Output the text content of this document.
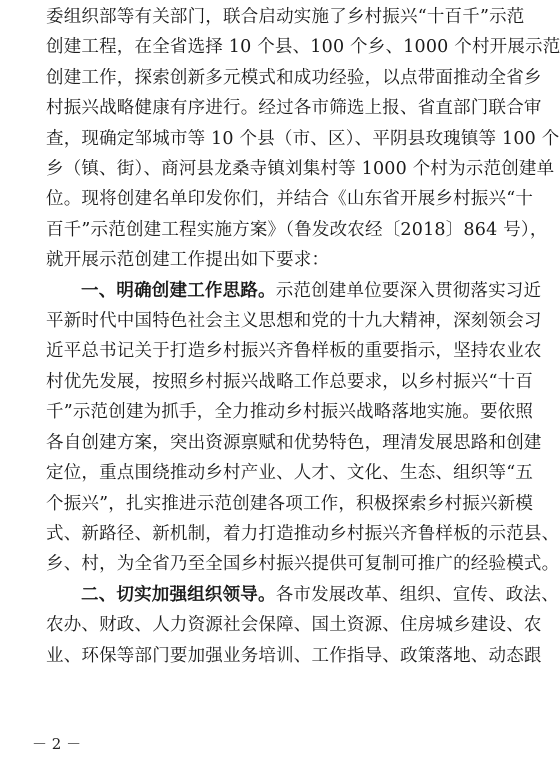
委组织部等有关部门，联合启动实施了乡村振兴“十百千”示范
创建工程，在全省选择 10 个县、100 个乡、1000 个村开展示范
创建工作，探索创新多元模式和成功经验，以点带面推动全省乡
村振兴战略健康有序进行。经过各市筛选上报、省直部门联合审
查，现确定邹城市等 10 个县（市、区）、平阴县玫瑰镇等 100 个
乡（镇、街）、商河县龙桑寺镇刘集村等 1000 个村为示范创建单
位。现将创建名单印发你们，并结合《山东省开展乡村振兴“十
百千”示范创建工程实施方案》（鲁发改农经〔2018〕864 号），
就开展示范创建工作提出如下要求：
一、明确创建工作思路。示范创建单位要深入贯彻落实习近
平新时代中国特色社会主义思想和党的十九大精神，深刻领会习
近平总书记关于打造乡村振兴齐鲁样板的重要指示，坚持农业农
村优先发展，按照乡村振兴战略工作总要求，以乡村振兴“十百
千”示范创建为抓手，全力推动乡村振兴战略落地实施。要依照
各自创建方案，突出资源禀赋和优势特色，理清发展思路和创建
定位，重点围绕推动乡村产业、人才、文化、生态、组织等“五
个振兴”，扎实推进示范创建各项工作，积极探索乡村振兴新模
式、新路径、新机制，着力打造推动乡村振兴齐鲁样板的示范县、
乡、村，为全省乃至全国乡村振兴提供可复制可推广的经验模式。
二、切实加强组织领导。各市发展改革、组织、宣传、政法、
农办、财政、人力资源社会保障、国土资源、住房城乡建设、农
业、环保等部门要加强业务培训、工作指导、政策落地、动态跟
－ 2 －
